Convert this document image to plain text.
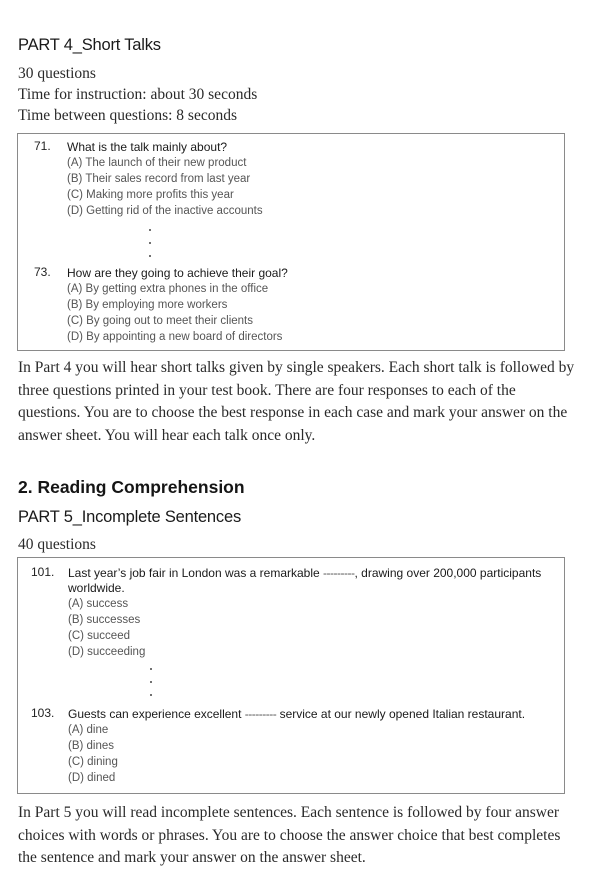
PART 4_Short Talks
30 questions
Time for instruction: about 30 seconds
Time between questions: 8 seconds
71. What is the talk mainly about?
(A) The launch of their new product
(B) Their sales record from last year
(C) Making more profits this year
(D) Getting rid of the inactive accounts
73. How are they going to achieve their goal?
(A) By getting extra phones in the office
(B) By employing more workers
(C) By going out to meet their clients
(D) By appointing a new board of directors
In Part 4 you will hear short talks given by single speakers. Each short talk is followed by three questions printed in your test book. There are four responses to each of the questions. You are to choose the best response in each case and mark your answer on the answer sheet. You will hear each talk once only.
2. Reading Comprehension
PART 5_Incomplete Sentences
40 questions
101. Last year’s job fair in London was a remarkable ---------, drawing over 200,000 participants
worldwide.
(A) success
(B) successes
(C) succeed
(D) succeeding
103. Guests can experience excellent --------- service at our newly opened Italian restaurant.
(A) dine
(B) dines
(C) dining
(D) dined
In Part 5 you will read incomplete sentences. Each sentence is followed by four answer choices with words or phrases. You are to choose the answer choice that best completes the sentence and mark your answer on the answer sheet.
